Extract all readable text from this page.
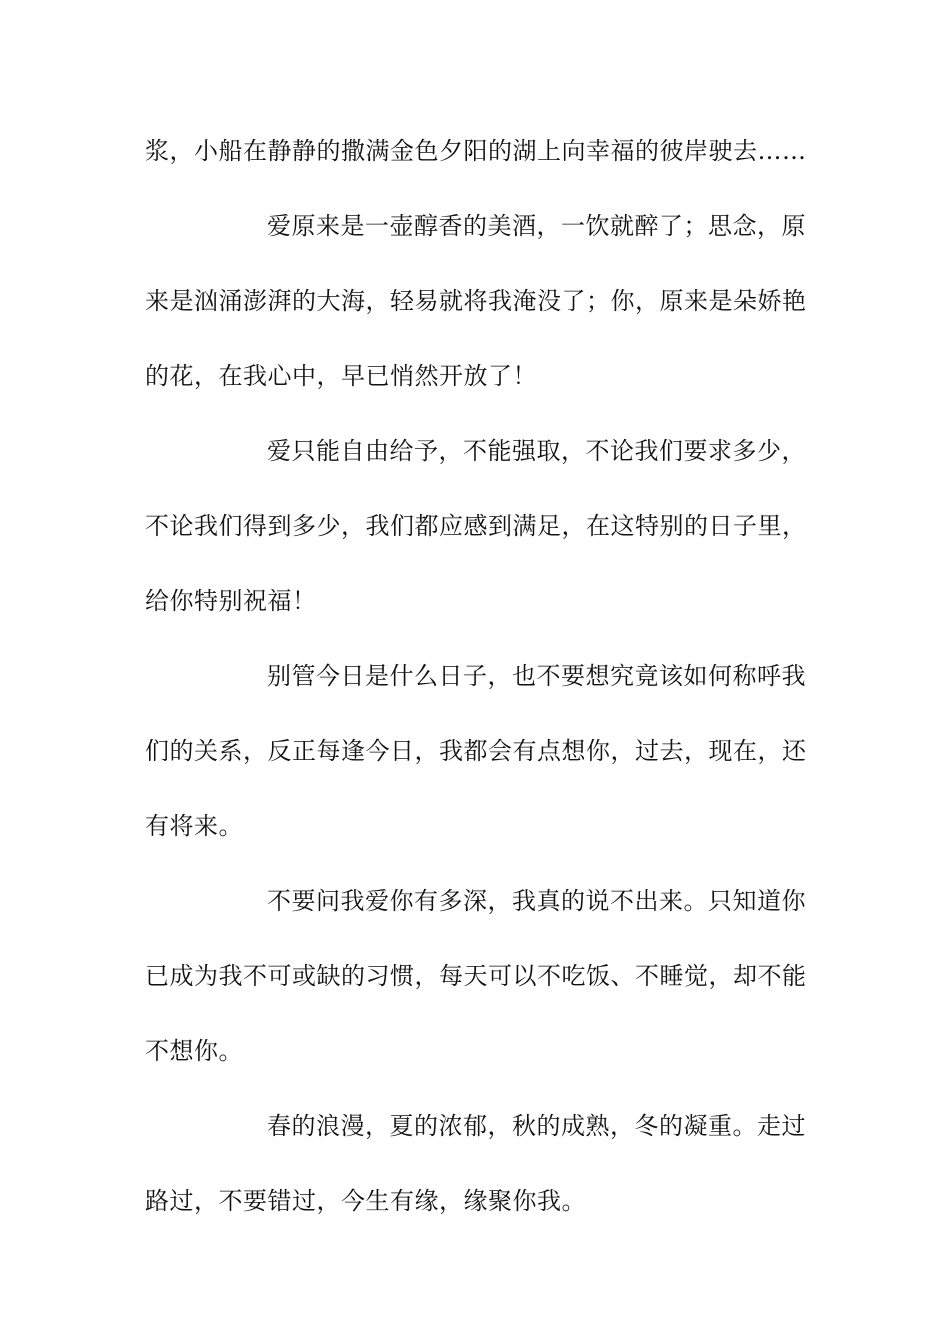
浆，小船在静静的撒满金色夕阳的湖上向幸福的彼岸驶去……
爱原来是一壶醇香的美酒，一饮就醉了；思念，原
来是汹涌澎湃的大海，轻易就将我淹没了；你，原来是朵娇艳
的花，在我心中，早已悄然开放了！
爱只能自由给予，不能强取，不论我们要求多少，
不论我们得到多少，我们都应感到满足，在这特别的日子里，
给你特别祝福！
别管今日是什么日子，也不要想究竟该如何称呼我
们的关系，反正每逢今日，我都会有点想你，过去，现在，还
有将来。
不要问我爱你有多深，我真的说不出来。只知道你
已成为我不可或缺的习惯，每天可以不吃饭、不睡觉，却不能
不想你。
春的浪漫，夏的浓郁，秋的成熟，冬的凝重。走过
路过，不要错过，今生有缘，缘聚你我。
